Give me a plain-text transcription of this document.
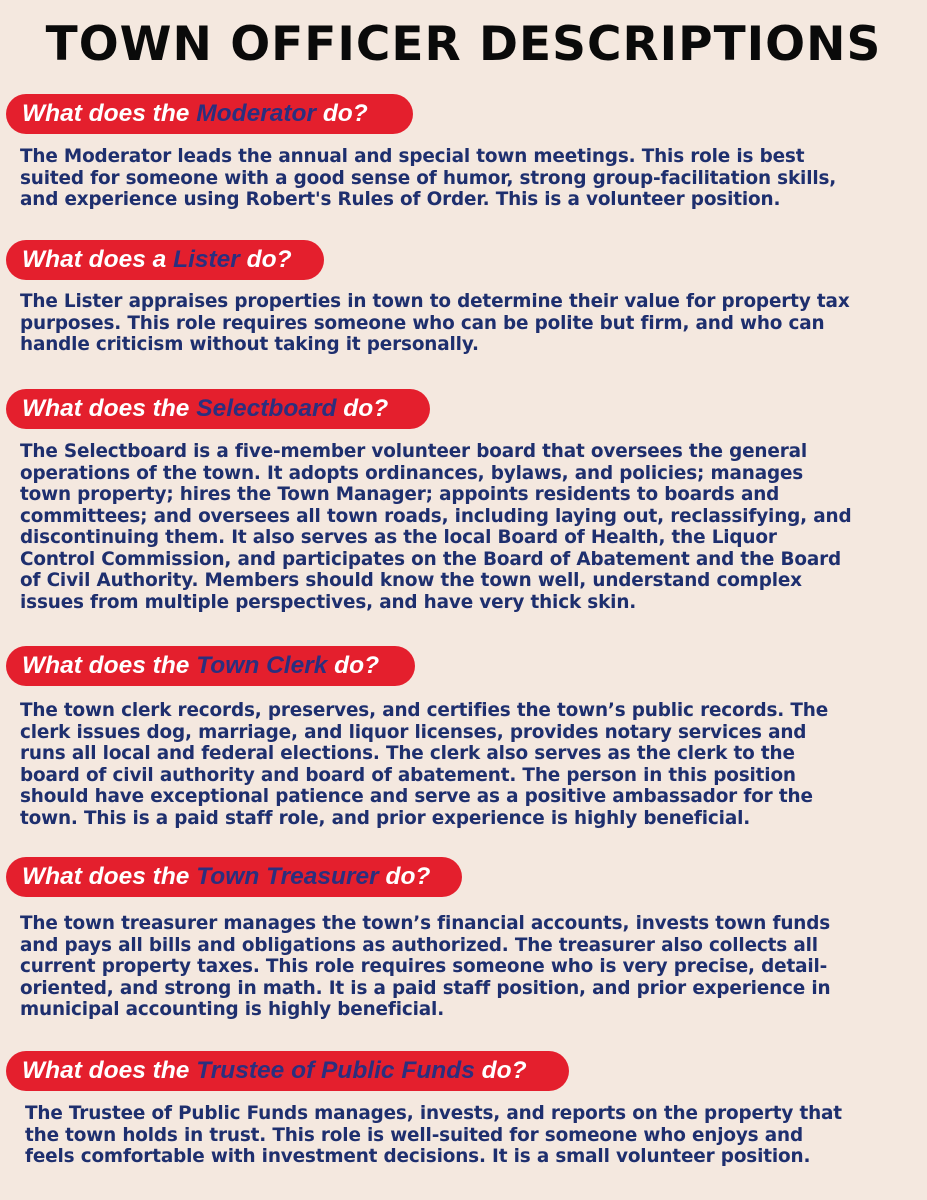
TOWN OFFICER DESCRIPTIONS
What does the Moderator do?
The Moderator leads the annual and special town meetings. This role is best
suited for someone with a good sense of humor, strong group-facilitation skills,
and experience using Robert's Rules of Order. This is a volunteer position.
What does a Lister do?
The Lister appraises properties in town to determine their value for property tax
purposes. This role requires someone who can be polite but firm, and who can
handle criticism without taking it personally.
What does the Selectboard do?
The Selectboard is a five-member volunteer board that oversees the general
operations of the town. It adopts ordinances, bylaws, and policies; manages
town property; hires the Town Manager; appoints residents to boards and
committees; and oversees all town roads, including laying out, reclassifying, and
discontinuing them. It also serves as the local Board of Health, the Liquor
Control Commission, and participates on the Board of Abatement and the Board
of Civil Authority. Members should know the town well, understand complex
issues from multiple perspectives, and have very thick skin.
What does the Town Clerk do?
The town clerk records, preserves, and certifies the town’s public records. The
clerk issues dog, marriage, and liquor licenses, provides notary services and
runs all local and federal elections. The clerk also serves as the clerk to the
board of civil authority and board of abatement. The person in this position
should have exceptional patience and serve as a positive ambassador for the
town. This is a paid staff role, and prior experience is highly beneficial.
What does the Town Treasurer do?
The town treasurer manages the town’s financial accounts, invests town funds
and pays all bills and obligations as authorized. The treasurer also collects all
current property taxes. This role requires someone who is very precise, detail-
oriented, and strong in math. It is a paid staff position, and prior experience in
municipal accounting is highly beneficial.
What does the Trustee of Public Funds do?
The Trustee of Public Funds manages, invests, and reports on the property that
the town holds in trust. This role is well-suited for someone who enjoys and
feels comfortable with investment decisions. It is a small volunteer position.
